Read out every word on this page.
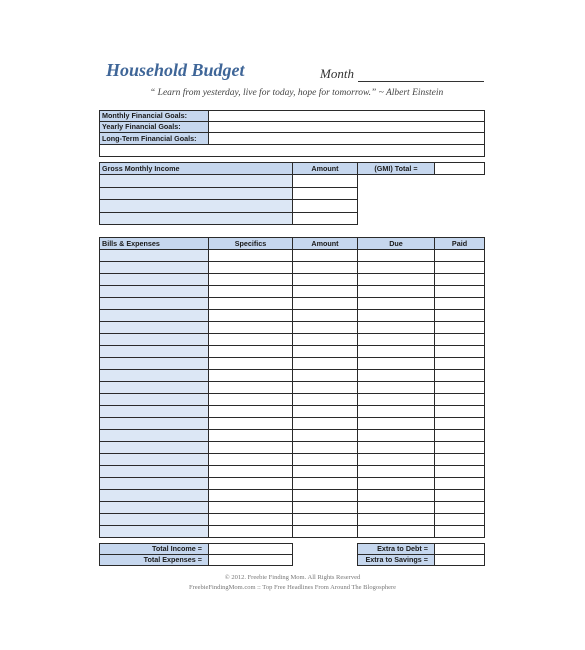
Household Budget	Month
“ Learn from yesterday, live for today, hope for tomorrow.” ~ Albert Einstein
Monthly Financial Goals:
Yearly Financial Goals:
Long-Term Financial Goals:
Gross Monthly Income	Amount	(GMI) Total =
Bills & Expenses	Specifics	Amount	Due	Paid
Total Income =
Total Expenses =
Extra to Debt =
Extra to Savings =
© 2012. Freebie Finding Mom. All Rights Reserved
FreebieFindingMom.com :: Top Free Headlines From Around The Blogosphere
